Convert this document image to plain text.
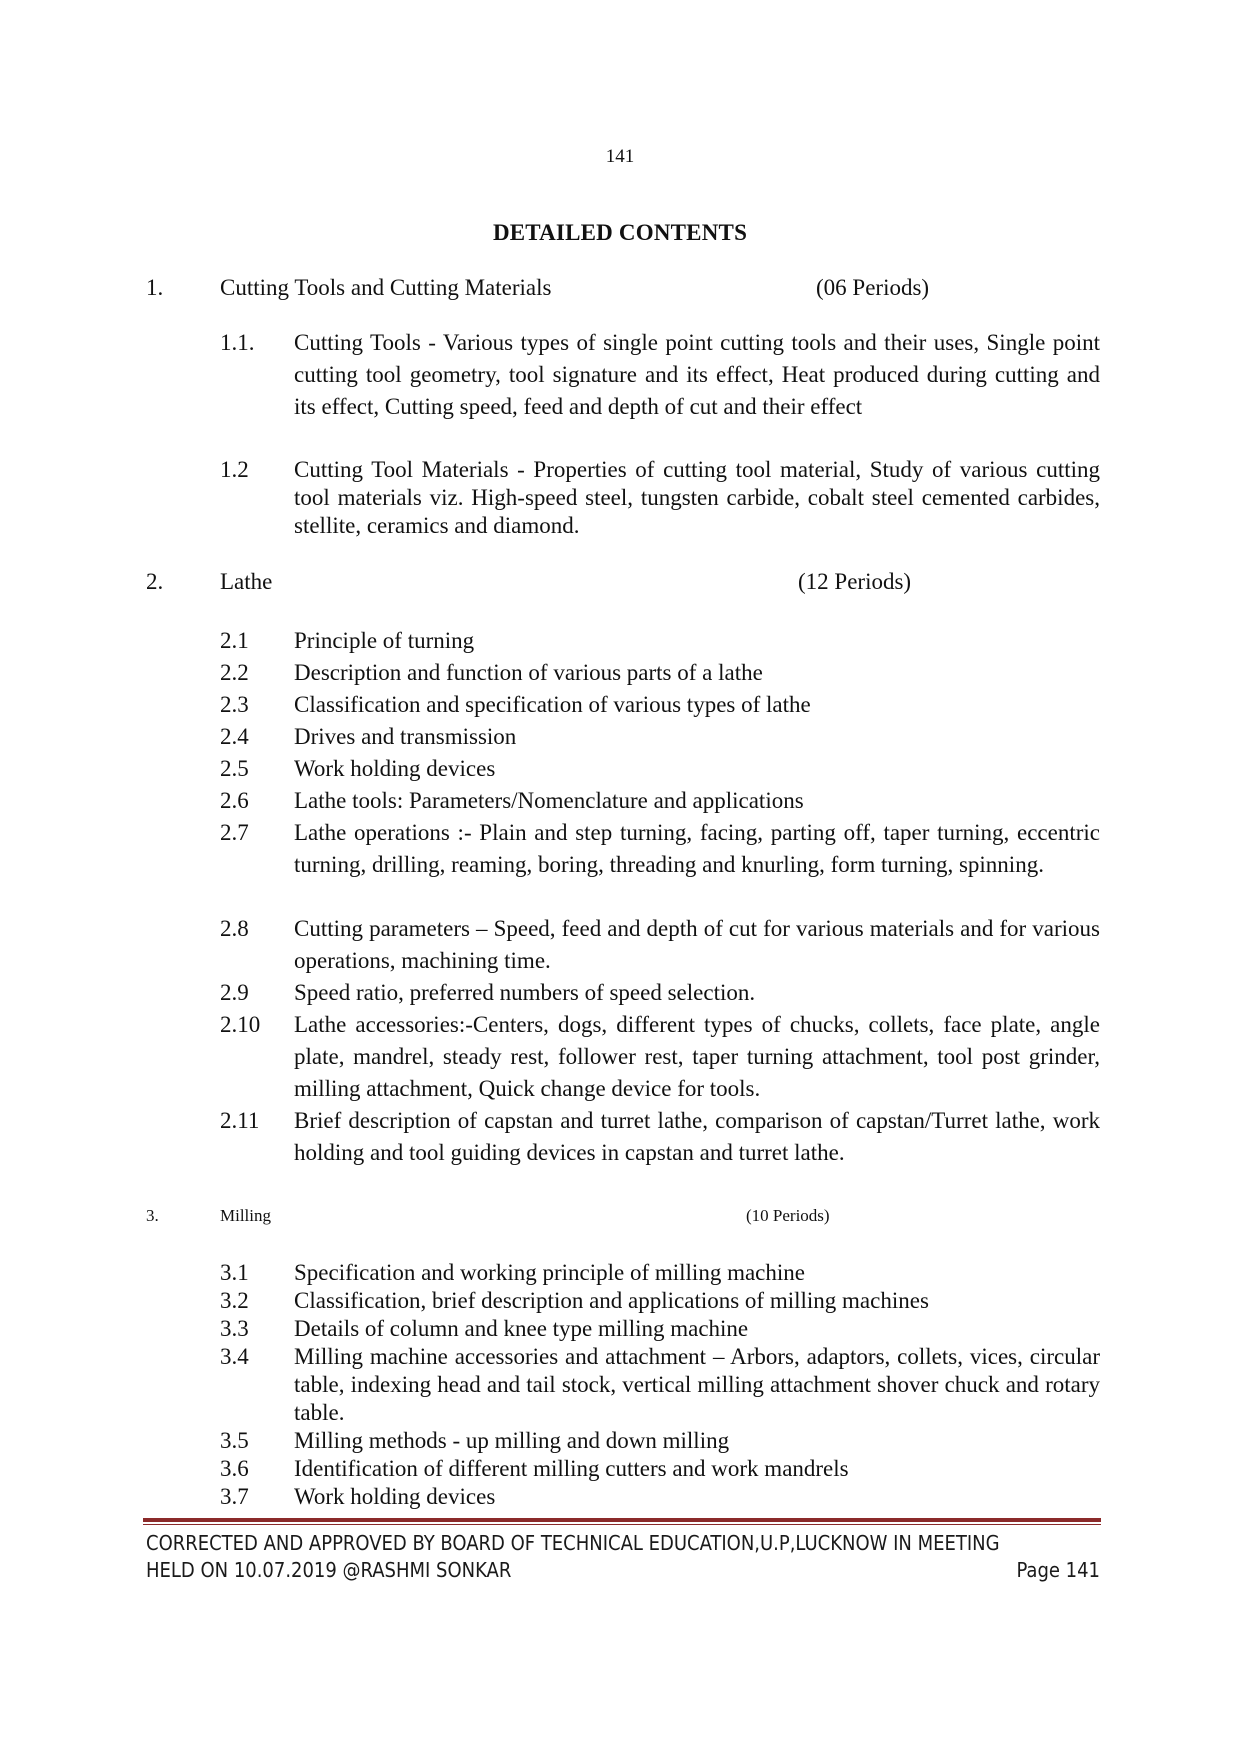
141
DETAILED CONTENTS
1. Cutting Tools and Cutting Materials	(06 Periods)
1.1. Cutting Tools - Various types of single point cutting tools and their uses, Single point cutting tool geometry, tool signature and its effect, Heat produced during cutting and its effect, Cutting speed, feed and depth of cut and their effect
1.2 Cutting Tool Materials - Properties of cutting tool material, Study of various cutting tool materials viz. High-speed steel, tungsten carbide, cobalt steel cemented carbides, stellite, ceramics and diamond.
2. Lathe	(12 Periods)
2.1 Principle of turning
2.2 Description and function of various parts of a lathe
2.3 Classification and specification of various types of lathe
2.4 Drives and transmission
2.5 Work holding devices
2.6 Lathe tools: Parameters/Nomenclature and applications
2.7 Lathe operations :- Plain and step turning, facing, parting off, taper turning, eccentric turning, drilling, reaming, boring, threading and knurling, form turning, spinning.
2.8 Cutting parameters – Speed, feed and depth of cut for various materials and for various operations, machining time.
2.9 Speed ratio, preferred numbers of speed selection.
2.10 Lathe accessories:-Centers, dogs, different types of chucks, collets, face plate, angle plate, mandrel, steady rest, follower rest, taper turning attachment, tool post grinder, milling attachment, Quick change device for tools.
2.11 Brief description of capstan and turret lathe, comparison of capstan/Turret lathe, work holding and tool guiding devices in capstan and turret lathe.
3.	Milling	(10 Periods)
3.1 Specification and working principle of milling machine
3.2 Classification, brief description and applications of milling machines
3.3 Details of column and knee type milling machine
3.4 Milling machine accessories and attachment – Arbors, adaptors, collets, vices, circular table, indexing head and tail stock, vertical milling attachment shover chuck and rotary table.
3.5 Milling methods - up milling and down milling
3.6 Identification of different milling cutters and work mandrels
3.7 Work holding devices
CORRECTED AND APPROVED BY BOARD OF TECHNICAL EDUCATION,U.P,LUCKNOW IN MEETING
HELD ON 10.07.2019 @RASHMI SONKAR	Page 141
